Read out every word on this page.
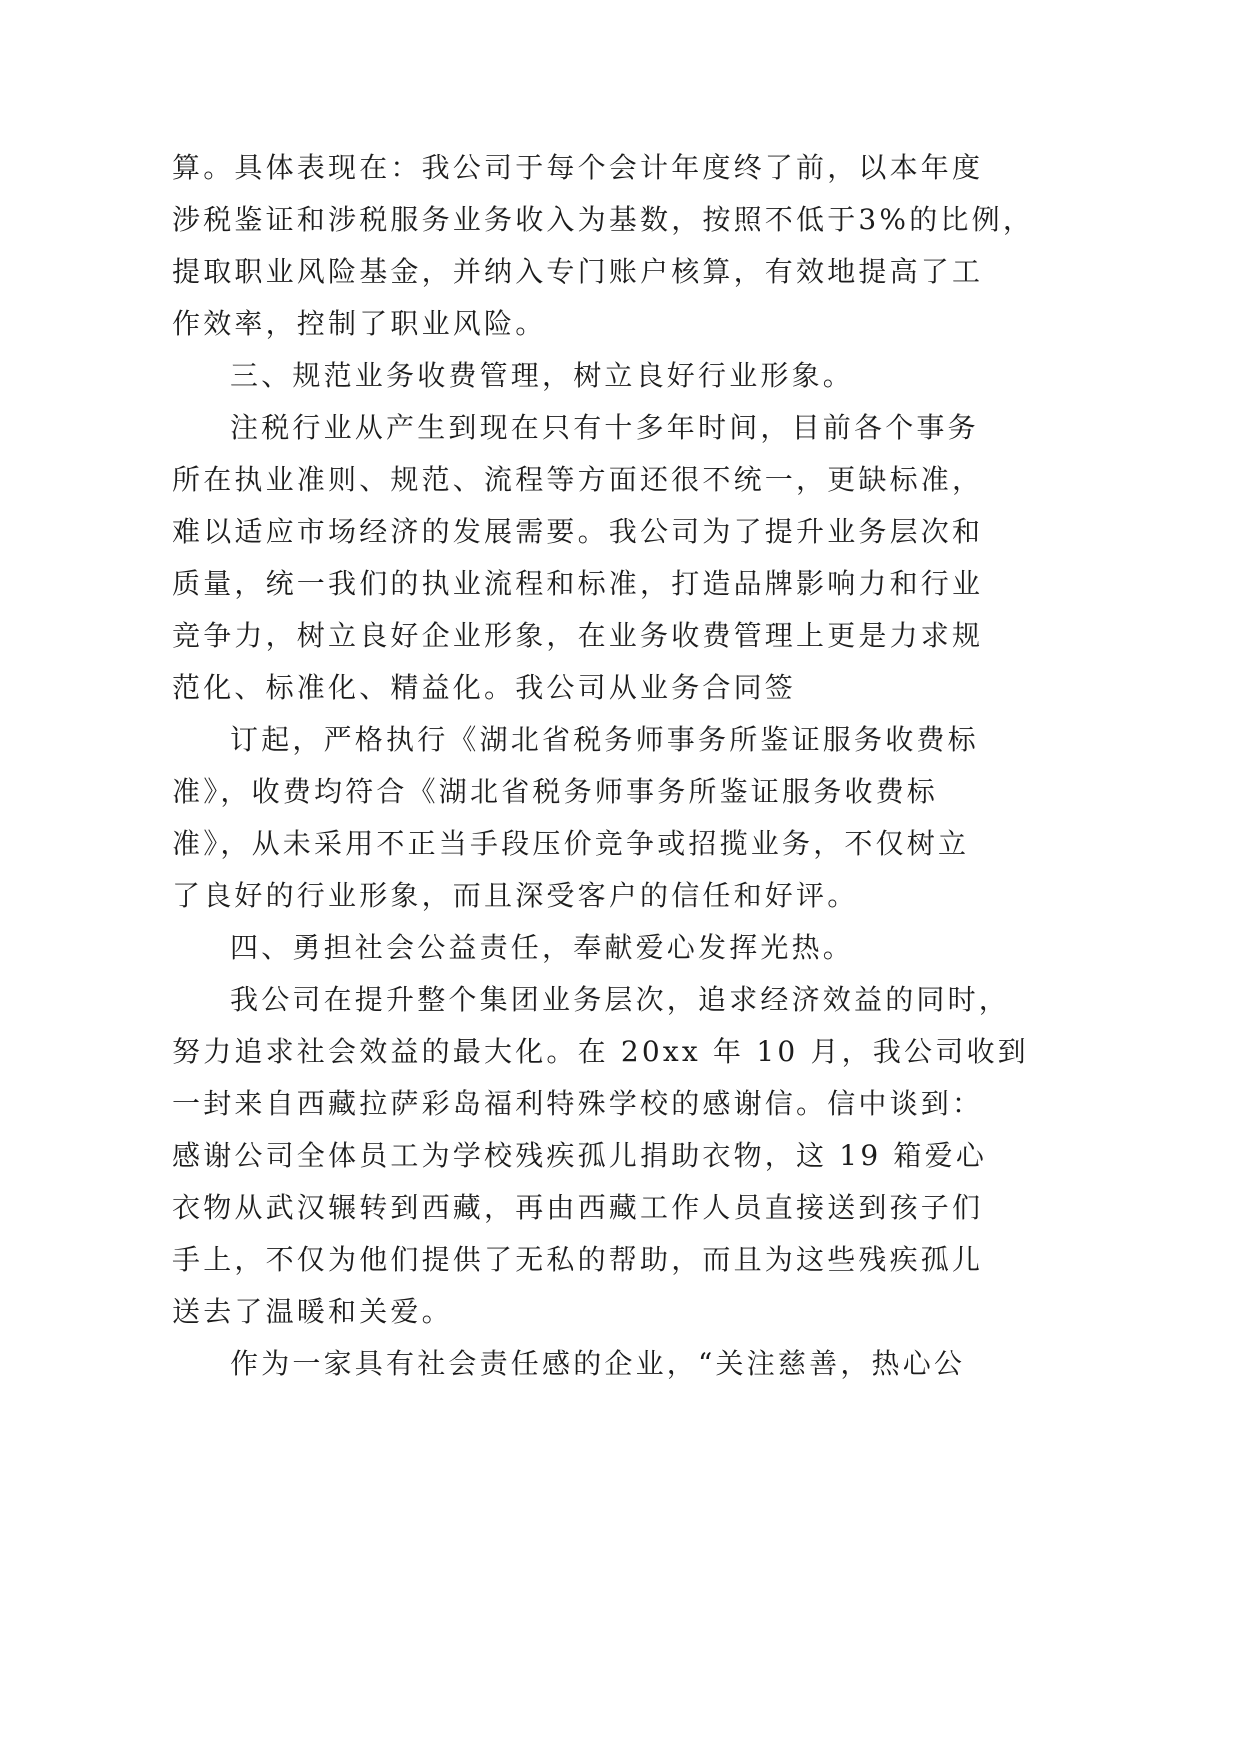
算。具体表现在：我公司于每个会计年度终了前，以本年度
涉税鉴证和涉税服务业务收入为基数，按照不低于3%的比例，
提取职业风险基金，并纳入专门账户核算，有效地提高了工
作效率，控制了职业风险。
三、规范业务收费管理，树立良好行业形象。
注税行业从产生到现在只有十多年时间，目前各个事务
所在执业准则、规范、流程等方面还很不统一，更缺标准，
难以适应市场经济的发展需要。我公司为了提升业务层次和
质量，统一我们的执业流程和标准，打造品牌影响力和行业
竞争力，树立良好企业形象，在业务收费管理上更是力求规
范化、标准化、精益化。我公司从业务合同签
订起，严格执行《湖北省税务师事务所鉴证服务收费标
准》，收费均符合《湖北省税务师事务所鉴证服务收费标
准》，从未采用不正当手段压价竞争或招揽业务，不仅树立
了良好的行业形象，而且深受客户的信任和好评。
四、勇担社会公益责任，奉献爱心发挥光热。
我公司在提升整个集团业务层次，追求经济效益的同时，
努力追求社会效益的最大化。在 20xx 年 10 月，我公司收到
一封来自西藏拉萨彩岛福利特殊学校的感谢信。信中谈到：
感谢公司全体员工为学校残疾孤儿捐助衣物，这 19 箱爱心
衣物从武汉辗转到西藏，再由西藏工作人员直接送到孩子们
手上，不仅为他们提供了无私的帮助，而且为这些残疾孤儿
送去了温暖和关爱。
作为一家具有社会责任感的企业，“关注慈善，热心公
